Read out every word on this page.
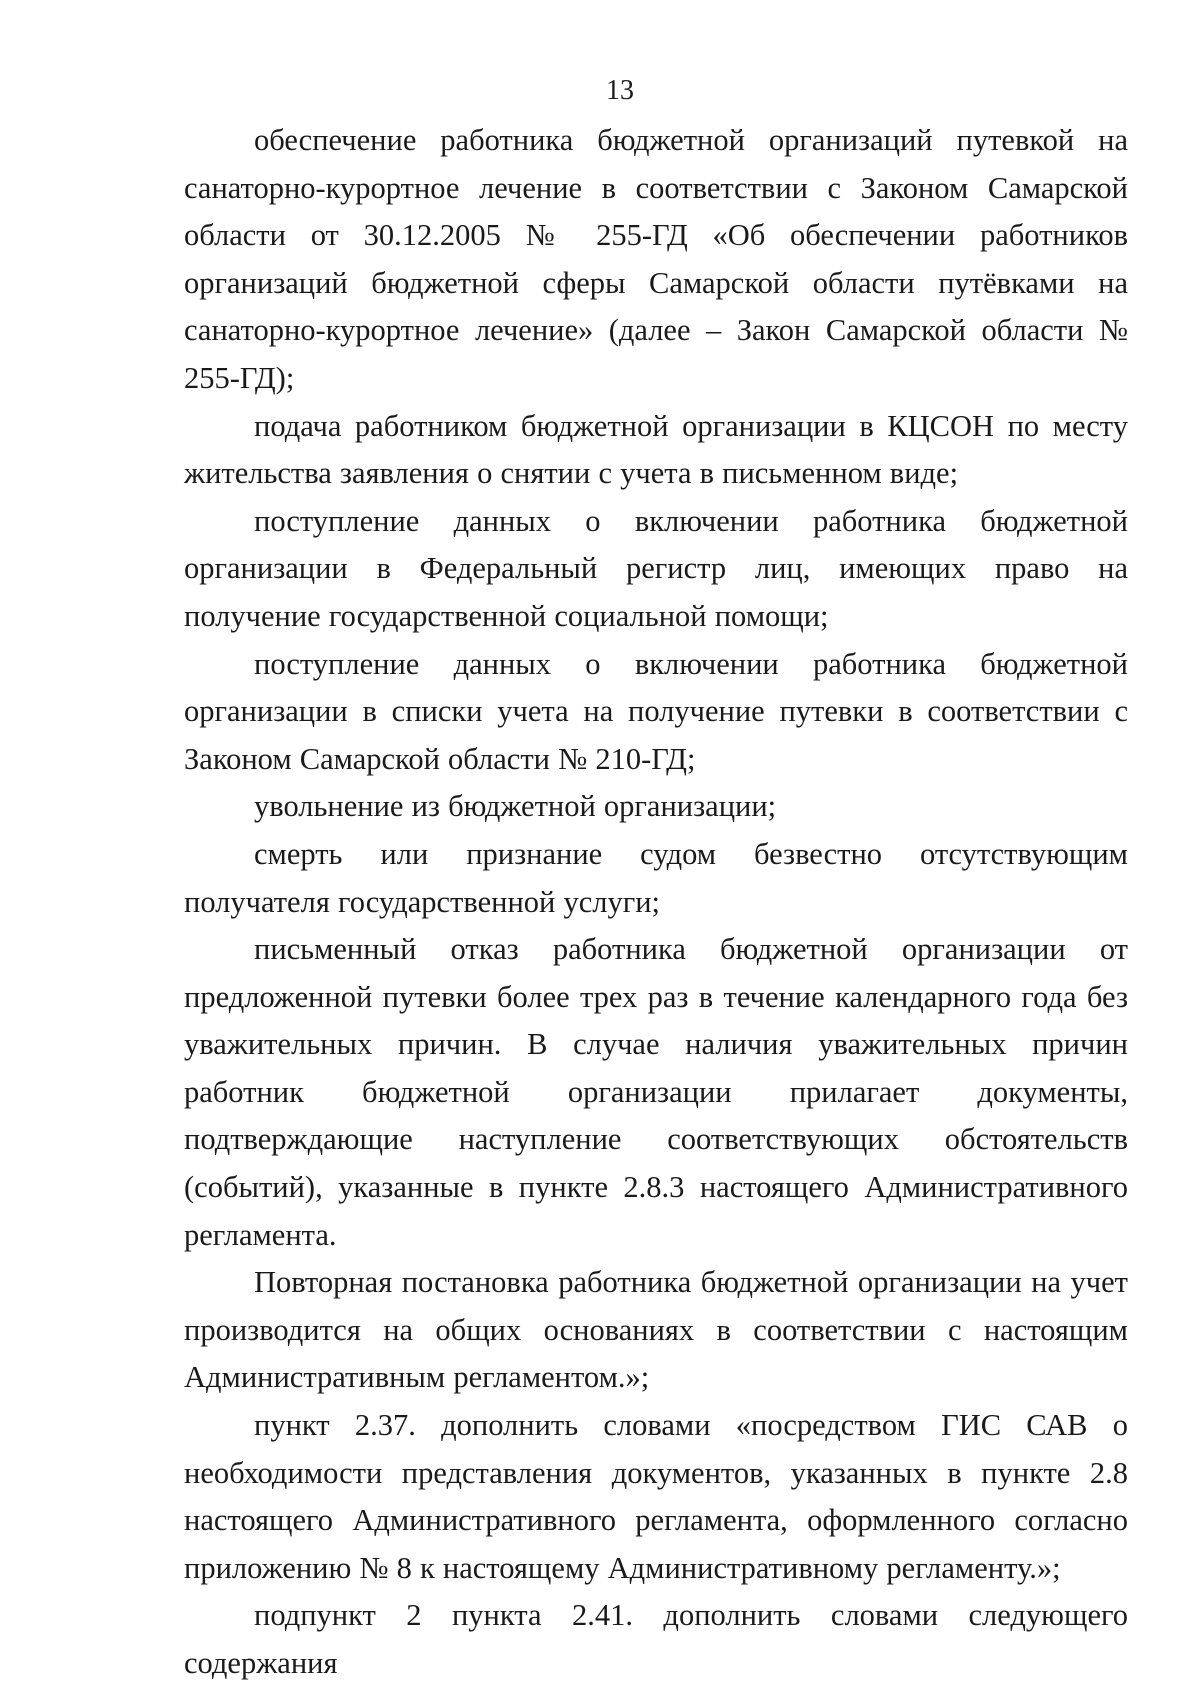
13

обеспечение работника бюджетной организаций путевкой на санаторно-курортное лечение в соответствии с Законом Самарской области от 30.12.2005 № 255-ГД «Об обеспечении работников организаций бюджетной сферы Самарской области путёвками на санаторно-курортное лечение» (далее – Закон Самарской области № 255-ГД);

подача работником бюджетной организации в КЦСОН по месту жительства заявления о снятии с учета в письменном виде;

поступление данных о включении работника бюджетной организации в Федеральный регистр лиц, имеющих право на получение государственной социальной помощи;

поступление данных о включении работника бюджетной организации в списки учета на получение путевки в соответствии с Законом Самарской области № 210-ГД;

увольнение из бюджетной организации;

смерть или признание судом безвестно отсутствующим получателя государственной услуги;

письменный отказ работника бюджетной организации от предложенной путевки более трех раз в течение календарного года без уважительных причин. В случае наличия уважительных причин работник бюджетной организации прилагает документы, подтверждающие наступление соответствующих обстоятельств (событий), указанные в пункте 2.8.3 настоящего Административного регламента.

Повторная постановка работника бюджетной организации на учет производится на общих основаниях в соответствии с настоящим Административным регламентом.»;

пункт 2.37. дополнить словами «посредством ГИС САВ о необходимости представления документов, указанных в пункте 2.8 настоящего Административного регламента, оформленного согласно приложению № 8 к настоящему Административному регламенту.»;

подпункт 2 пункта 2.41. дополнить словами следующего содержания
